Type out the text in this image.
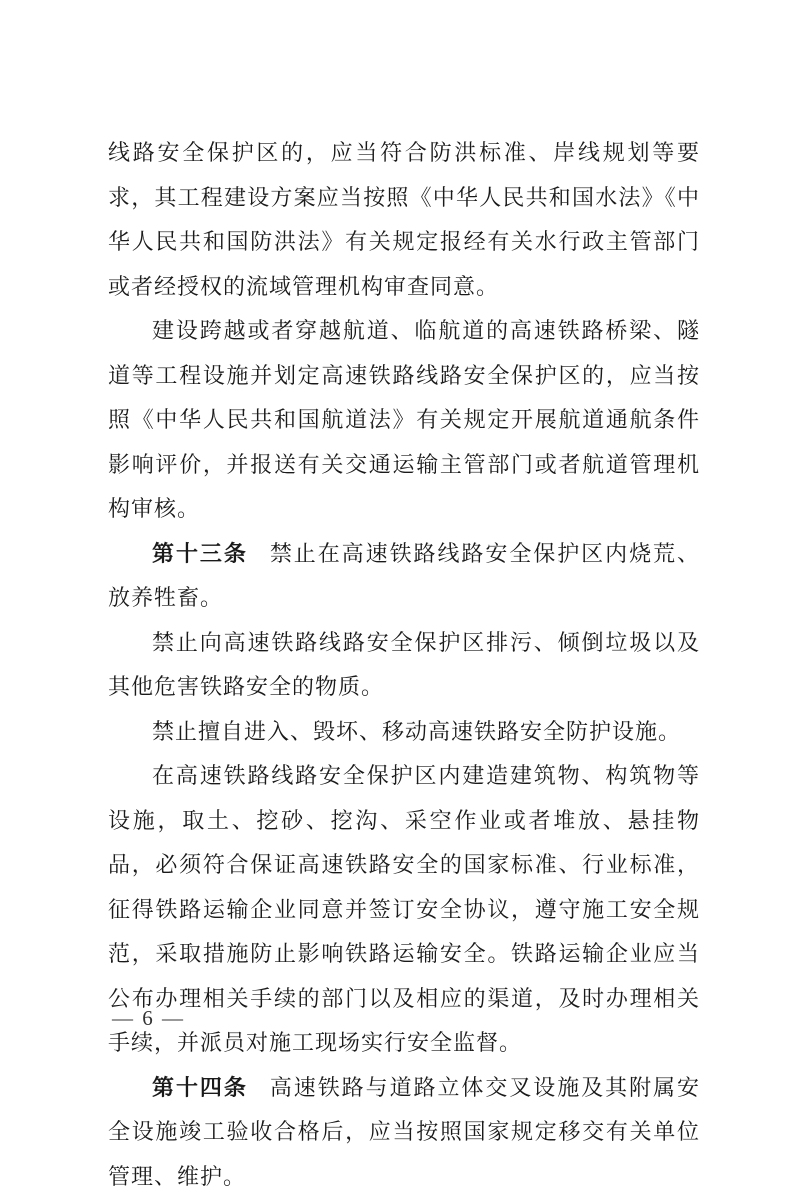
线路安全保护区的，应当符合防洪标准、岸线规划等要求，其工程建设方案应当按照《中华人民共和国水法》《中华人民共和国防洪法》有关规定报经有关水行政主管部门或者经授权的流域管理机构审查同意。

建设跨越或者穿越航道、临航道的高速铁路桥梁、隧道等工程设施并划定高速铁路线路安全保护区的，应当按照《中华人民共和国航道法》有关规定开展航道通航条件影响评价，并报送有关交通运输主管部门或者航道管理机构审核。

第十三条 禁止在高速铁路线路安全保护区内烧荒、放养牲畜。

禁止向高速铁路线路安全保护区排污、倾倒垃圾以及其他危害铁路安全的物质。

禁止擅自进入、毁坏、移动高速铁路安全防护设施。

在高速铁路线路安全保护区内建造建筑物、构筑物等设施，取土、挖砂、挖沟、采空作业或者堆放、悬挂物品，必须符合保证高速铁路安全的国家标准、行业标准，征得铁路运输企业同意并签订安全协议，遵守施工安全规范，采取措施防止影响铁路运输安全。铁路运输企业应当公布办理相关手续的部门以及相应的渠道，及时办理相关手续，并派员对施工现场实行安全监督。

第十四条 高速铁路与道路立体交叉设施及其附属安全设施竣工验收合格后，应当按照国家规定移交有关单位管理、维护。

— 6 —
